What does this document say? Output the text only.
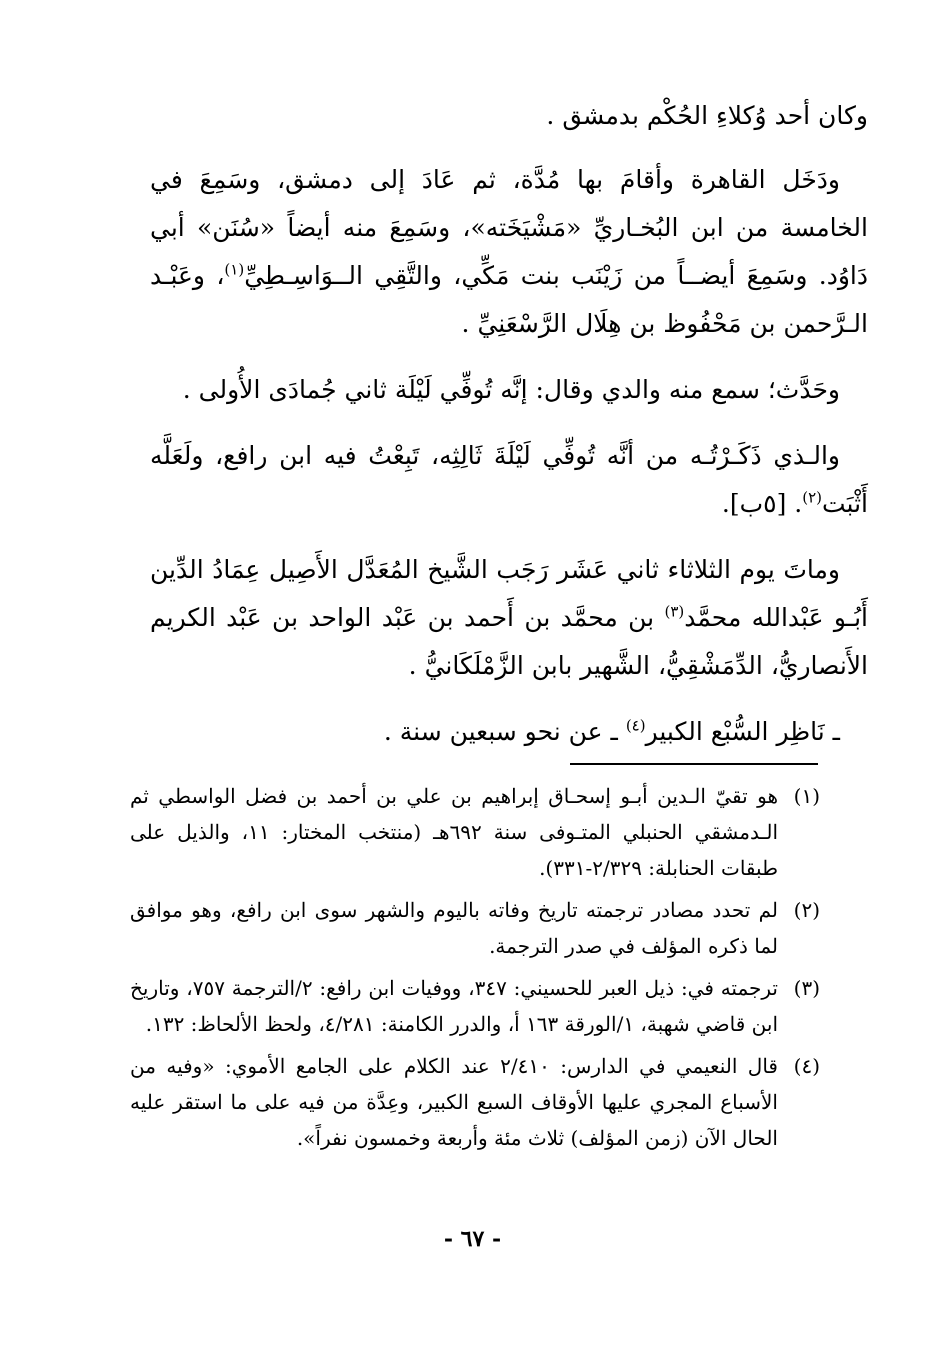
وكان أحد وُكلاءِ الحُكْم بدمشق .

ودَخَل القاهرة وأقامَ بها مُدَّة، ثم عَادَ إلى دمشق، وسَمِعَ في الخامسة من ابن البُخـاريِّ «مَشْيَخَته»، وسَمِعَ منه أيضاً «سُنَن» أبي دَاوُد. وسَمِعَ أيضــاً من زَيْنَب بنت مَكِّي، والتَّقِي الــوَاسِـطِيِّ$^{(١)}$، وعَبْـد الـرَّحمن بن مَحْفُوظ بن هِلَال الرَّسْعَنِيِّ .

وحَدَّث؛ سمع منه والدي وقال: إنَّه تُوفِّي لَيْلَة ثاني جُمادَى الأُولى .

والـذي ذَكَـرْتُـه من أنَّه تُوفِّي لَيْلَةَ ثَالِثِه، تَبِعْتُ فيه ابن رافع، ولَعَلَّه أَثْبَت$^{(٢)}$. [٥ب].

وماتَ يوم الثلاثاء ثاني عَشَر رَجَب الشَّيخ المُعَدَّل الأَصِيل عِمَادُ الدِّين أَبُـو عَبْدالله محمَّد$^{(٣)}$ بن محمَّد بن أَحمد بن عَبْد الواحد بن عَبْد الكريم الأَنصاريُّ، الدِّمَشْقِيُّ، الشَّهير بابن الزَّمْلَكَانيُّ .

ـ نَاظِر السُّبْع الكبير$^{(٤)}$ ـ عن نحو سبعين سنة .

(١)
هو تقيّ الـدين أبـو إسحـاق إبراهيم بن علي بن أحمد بن فضل الواسطي ثم الـدمشقي الحنبلي المتـوفى سنة ٦٩٢هـ (منتخب المختار: ١١، والذيل على طبقات الحنابلة: ٢/٣٢٩-٣٣١).

(٢)
لم تحدد مصادر ترجمته تاريخ وفاته باليوم والشهر سوى ابن رافع، وهو موافق لما ذكره المؤلف في صدر الترجمة.

(٣)
ترجمته في: ذيل العبر للحسيني: ٣٤٧، ووفيات ابن رافع: ٢/الترجمة ٧٥٧، وتاريخ ابن قاضي شهبة، ١/الورقة ١٦٣ أ، والدرر الكامنة: ٤/٢٨١، ولحظ الألحاظ: ١٣٢.

(٤)
قال النعيمي في الدارس: ٢/٤١٠ عند الكلام على الجامع الأموي: «وفيه من الأسباع المجري عليها الأوقاف السبع الكبير، وعِدَّة من فيه على ما استقر عليه الحال الآن (زمن المؤلف) ثلاث مئة وأربعة وخمسون نفراً».

- ٦٧ -
